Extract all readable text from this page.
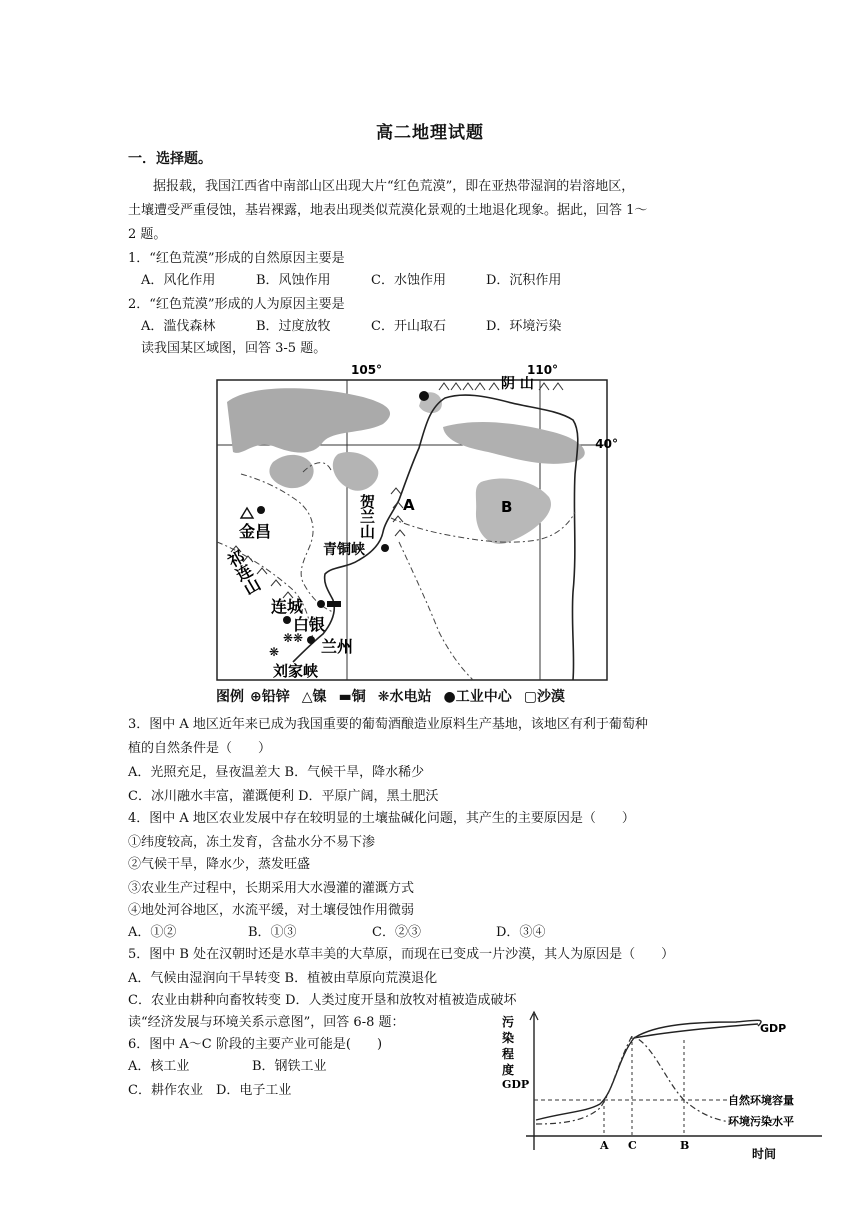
高二地理试题
一．选择题。
据报载，我国江西省中南部山区出现大片“红色荒漠”，即在亚热带湿润的岩溶地区，
土壤遭受严重侵蚀，基岩裸露，地表出现类似荒漠化景观的土地退化现象。据此，回答 1～
2 题。
1．“红色荒漠”形成的自然原因主要是
A．风化作用	B．风蚀作用	C．水蚀作用	D．沉积作用
2．“红色荒漠”形成的人为原因主要是
A．滥伐森林	B．过度放牧	C．开山取石	D．环境污染
读我国某区域图，回答 3-5 题。
105°	110°
40°
阴 山
A	B
贺兰山
金昌
祁连山	青铜峡
连城
白银
兰州
刘家峡
❋❋
❋
图例 ⊕铅锌 △镍 ▬铜 ❋水电站 ●工业中心 ▢沙漠
3．图中 A 地区近年来已成为我国重要的葡萄酒酿造业原料生产基地，该地区有利于葡萄种
植的自然条件是（　　）
A．光照充足，昼夜温差大 B．气候干旱，降水稀少
C．冰川融水丰富，灌溉便利 D．平原广阔，黑土肥沃
4．图中 A 地区农业发展中存在较明显的土壤盐碱化问题，其产生的主要原因是（　　）
①纬度较高，冻土发育，含盐水分不易下渗
②气候干旱，降水少，蒸发旺盛
③农业生产过程中，长期采用大水漫灌的灌溉方式
④地处河谷地区，水流平缓，对土壤侵蚀作用微弱
A．①②	B．①③	C．②③	D．③④
5．图中 B 处在汉朝时还是水草丰美的大草原，而现在已变成一片沙漠，其人为原因是（　　）
A．气候由湿润向干旱转变 B．植被由草原向荒漠退化
C．农业由耕种向畜牧转变 D．人类过度开垦和放牧对植被造成破坏
读“经济发展与环境关系示意图”，回答 6-8 题：
6．图中 A～C 阶段的主要产业可能是(　　)
A．核工业	B．钢铁工业
C．耕作农业 D．电子工业
污
染
程
度
GDP
自然环境容量
GDP
环境污染水平
A C	B
时间
